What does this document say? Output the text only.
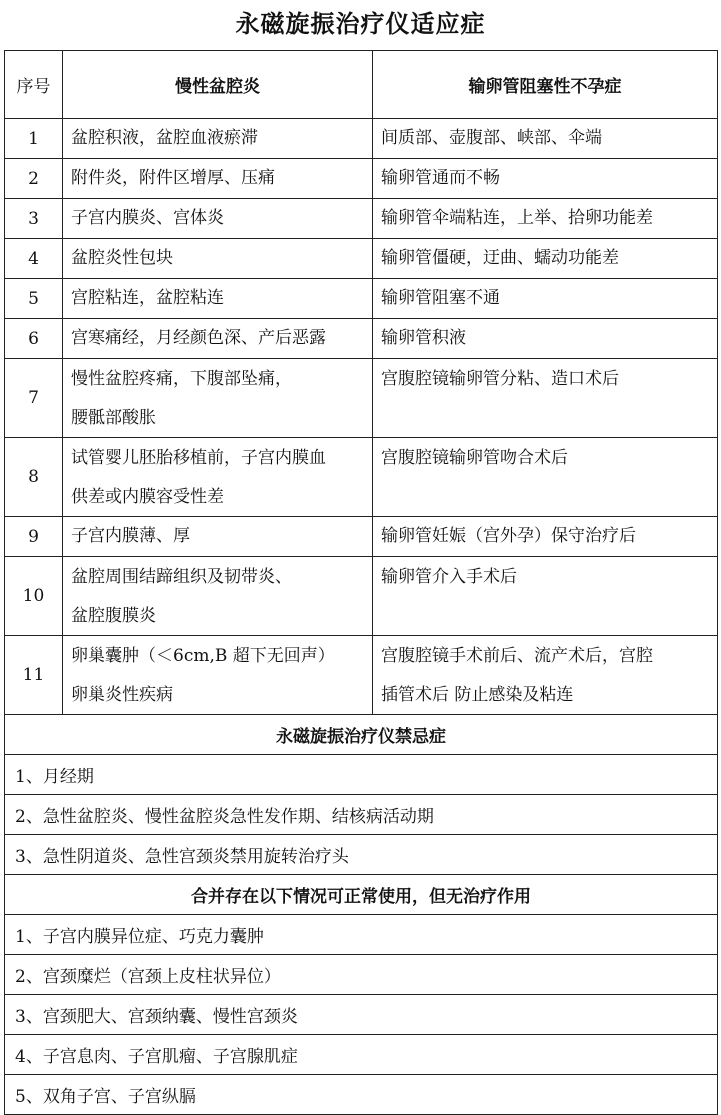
永磁旋振治疗仪适应症
序号	慢性盆腔炎	输卵管阻塞性不孕症
1	盆腔积液，盆腔血液瘀滞	间质部、壶腹部、峡部、伞端

2	附件炎，附件区增厚、压痛	输卵管通而不畅

3	子宫内膜炎、宫体炎	输卵管伞端粘连，上举、拾卵功能差

4	盆腔炎性包块	输卵管僵硬，迂曲、蠕动功能差

5	宫腔粘连，盆腔粘连	输卵管阻塞不通

6	宫寒痛经，月经颜色深、产后恶露	输卵管积液

7	慢性盆腔疼痛，下腹部坠痛，
腰骶部酸胀	宫腹腔镜输卵管分粘、造口术后

8	试管婴儿胚胎移植前，子宫内膜血
供差或内膜容受性差	宫腹腔镜输卵管吻合术后

9	子宫内膜薄、厚	输卵管妊娠（宫外孕）保守治疗后

10	盆腔周围结蹄组织及韧带炎、
盆腔腹膜炎	输卵管介入手术后

11	卵巢囊肿（＜6cm,B 超下无回声）
卵巢炎性疾病	宫腹腔镜手术前后、流产术后，宫腔
插管术后 防止感染及粘连

永磁旋振治疗仪禁忌症		
1、月经期		
2、急性盆腔炎、慢性盆腔炎急性发作期、结核病活动期		
3、急性阴道炎、急性宫颈炎禁用旋转治疗头		
合并存在以下情况可正常使用，但无治疗作用		
1、子宫内膜异位症、巧克力囊肿		
2、宫颈糜烂（宫颈上皮柱状异位）		
3、宫颈肥大、宫颈纳囊、慢性宫颈炎		
4、子宫息肉、子宫肌瘤、子宫腺肌症		
5、双角子宫、子宫纵膈		
